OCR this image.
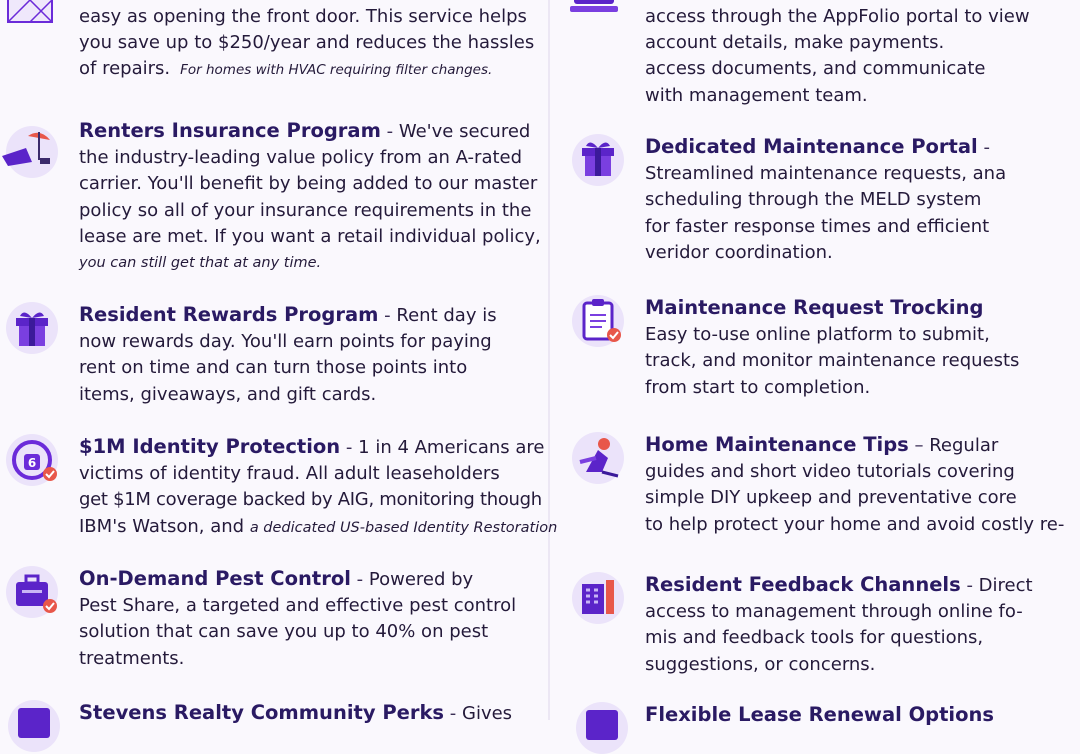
easy as opening the front door. This service helps
you save up to $250/year and reduces the hassles
of repairs. For homes with HVAC requiring filter changes.
Renters Insurance Program - We've secured
the industry-leading value policy from an A-rated
carrier. You'll benefit by being added to our master
policy so all of your insurance requirements in the
lease are met. If you want a retail individual policy,
you can still get that at any time.
Resident Rewards Program - Rent day is
now rewards day. You'll earn points for paying
rent on time and can turn those points into
items, giveaways, and gift cards.
6
$1M Identity Protection - 1 in 4 Americans are
victims of identity fraud. All adult leaseholders
get $1M coverage backed by AIG, monitoring though
IBM's Watson, and a dedicated US-based Identity Restoration
On-Demand Pest Control - Powered by
Pest Share, a targeted and effective pest control
solution that can save you up to 40% on pest
treatments.
Stevens Realty Community Perks - Gives
access through the AppFolio portal to view
account details, make payments.
access documents, and communicate
with management team.
Dedicated Maintenance Portal -
Streamlined maintenance requests, ana
scheduling through the MELD system
for faster response times and efficient
veridor coordination.
Maintenance Request Trocking
Easy to-use online platform to submit,
track, and monitor maintenance requests
from start to completion.
Home Maintenance Tips – Regular
guides and short video tutorials covering
simple DIY upkeep and preventative core
to help protect your home and avoid costly re-
Resident Feedback Channels - Direct
access to management through online fo-
mis and feedback tools for questions,
suggestions, or concerns.
Flexible Lease Renewal Options
